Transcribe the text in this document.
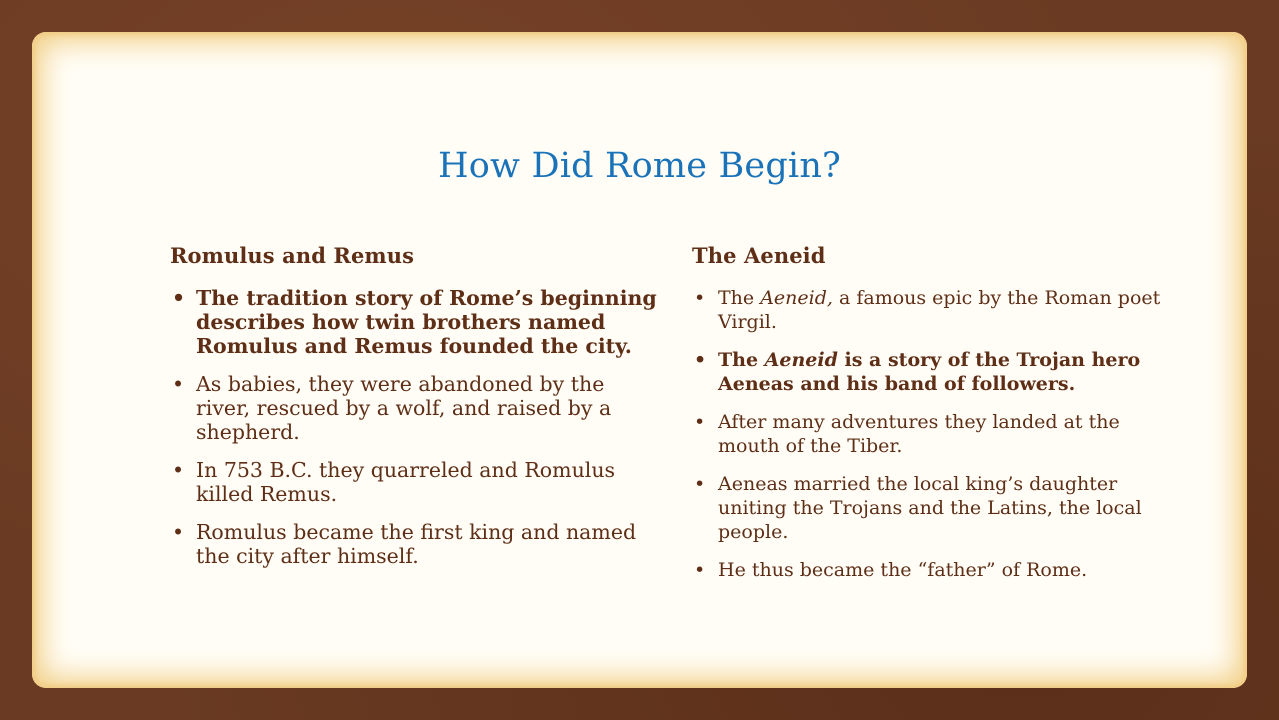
How Did Rome Begin?
Romulus and Remus
• The tradition story of Rome’s beginning describes how twin brothers named Romulus and Remus founded the city.
• As babies, they were abandoned by the river, rescued by a wolf, and raised by a shepherd.
• In 753 B.C. they quarreled and Romulus killed Remus.
• Romulus became the first king and named the city after himself.
The Aeneid
• The Aeneid, a famous epic by the Roman poet Virgil.
• The Aeneid is a story of the Trojan hero Aeneas and his band of followers.
• After many adventures they landed at the mouth of the Tiber.
• Aeneas married the local king’s daughter uniting the Trojans and the Latins, the local people.
• He thus became the “father” of Rome.
